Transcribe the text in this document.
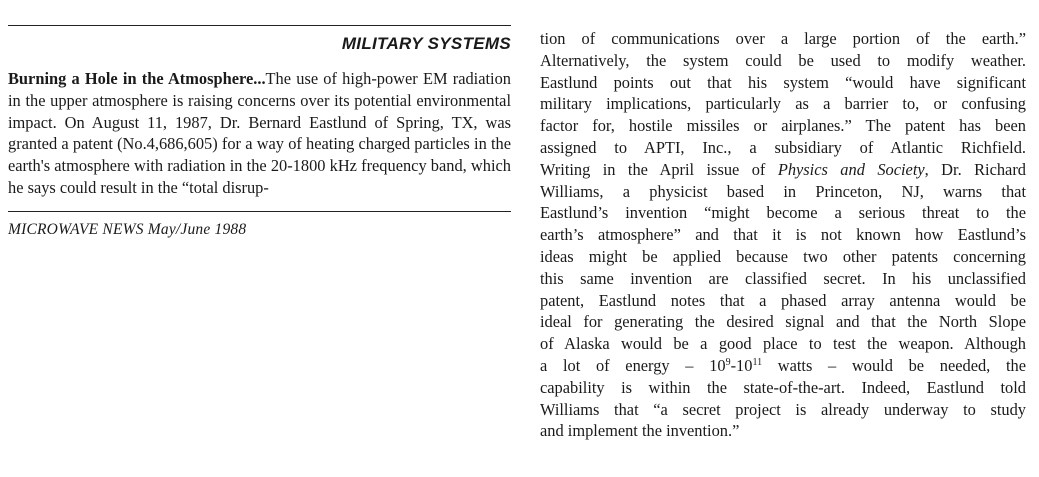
MILITARY SYSTEMS
Burning a Hole in the Atmosphere...The use of high-power EM radiation in the upper atmosphere is raising concerns over its potential environmental impact. On August 11, 1987, Dr. Bernard Eastlund of Spring, TX, was granted a patent (No.4,686,605) for a way of heating charged particles in the earth's atmosphere with radiation in the 20-1800 kHz frequency band, which he says could result in the “total disrup-
MICROWAVE NEWS May/June 1988
tion of communications over a large portion of the earth.”
Alternatively, the system could be used to modify weather.
Eastlund points out that his system “would have significant
military implications, particularly as a barrier to, or confusing
factor for, hostile missiles or airplanes.” The patent has been
assigned to APTI, Inc., a subsidiary of Atlantic Richfield.
Writing in the April issue of Physics and Society, Dr. Richard
Williams, a physicist based in Princeton, NJ, warns that
Eastlund’s invention “might become a serious threat to the
earth’s atmosphere” and that it is not known how Eastlund’s
ideas might be applied because two other patents concerning
this same invention are classified secret. In his unclassified
patent, Eastlund notes that a phased array antenna would be
ideal for generating the desired signal and that the North Slope
of Alaska would be a good place to test the weapon. Although
a lot of energy – $10^9-10^{11}$ watts – would be needed, the
capability is within the state-of-the-art. Indeed, Eastlund told
Williams that “a secret project is already underway to study
and implement the invention.”
